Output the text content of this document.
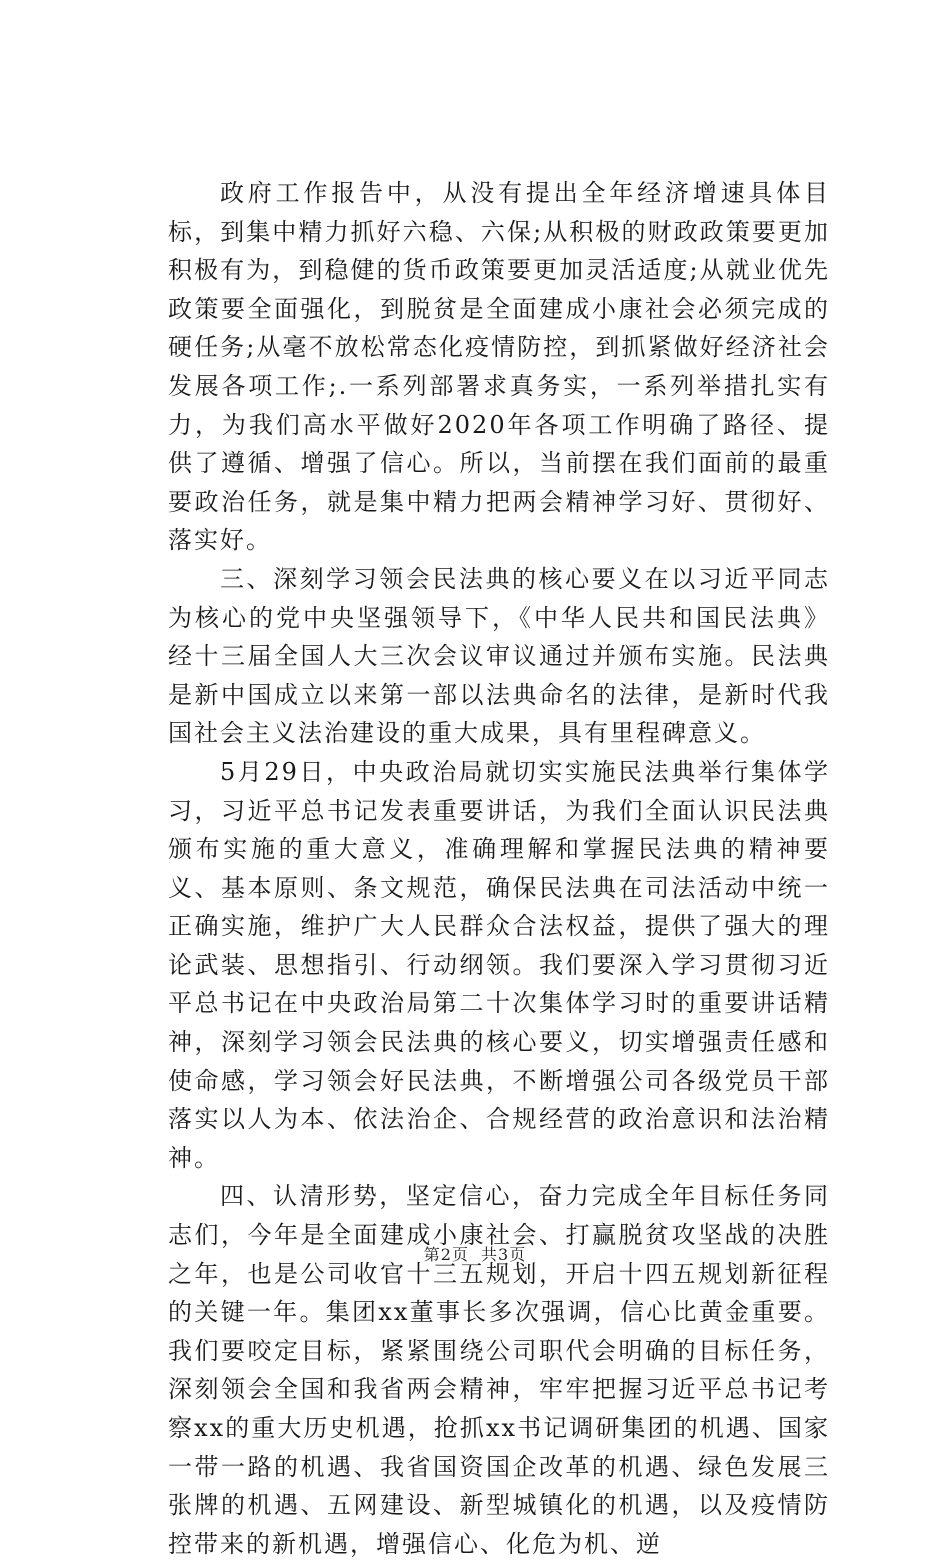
政府工作报告中，从没有提出全年经济增速具体目标，到集中精力抓好六稳、六保;从积极的财政政策要更加积极有为，到稳健的货币政策要更加灵活适度;从就业优先政策要全面强化，到脱贫是全面建成小康社会必须完成的硬任务;从毫不放松常态化疫情防控，到抓紧做好经济社会发展各项工作;.一系列部署求真务实，一系列举措扎实有力，为我们高水平做好2020年各项工作明确了路径、提供了遵循、增强了信心。所以，当前摆在我们面前的最重要政治任务，就是集中精力把两会精神学习好、贯彻好、落实好。

三、深刻学习领会民法典的核心要义在以习近平同志为核心的党中央坚强领导下，《中华人民共和国民法典》经十三届全国人大三次会议审议通过并颁布实施。民法典是新中国成立以来第一部以法典命名的法律，是新时代我国社会主义法治建设的重大成果，具有里程碑意义。

5月29日，中央政治局就切实实施民法典举行集体学习，习近平总书记发表重要讲话，为我们全面认识民法典颁布实施的重大意义，准确理解和掌握民法典的精神要义、基本原则、条文规范，确保民法典在司法活动中统一正确实施，维护广大人民群众合法权益，提供了强大的理论武装、思想指引、行动纲领。我们要深入学习贯彻习近平总书记在中央政治局第二十次集体学习时的重要讲话精神，深刻学习领会民法典的核心要义，切实增强责任感和使命感，学习领会好民法典，不断增强公司各级党员干部落实以人为本、依法治企、合规经营的政治意识和法治精神。

四、认清形势，坚定信心，奋力完成全年目标任务同志们，今年是全面建成小康社会、打赢脱贫攻坚战的决胜之年，也是公司收官十三五规划，开启十四五规划新征程的关键一年。集团xx董事长多次强调，信心比黄金重要。我们要咬定目标，紧紧围绕公司职代会明确的目标任务，深刻领会全国和我省两会精神，牢牢把握习近平总书记考察xx的重大历史机遇，抢抓xx书记调研集团的机遇、国家一带一路的机遇、我省国资国企改革的机遇、绿色发展三张牌的机遇、五网建设、新型城镇化的机遇，以及疫情防控带来的新机遇，增强信心、化危为机、逆

第2页 共3页
